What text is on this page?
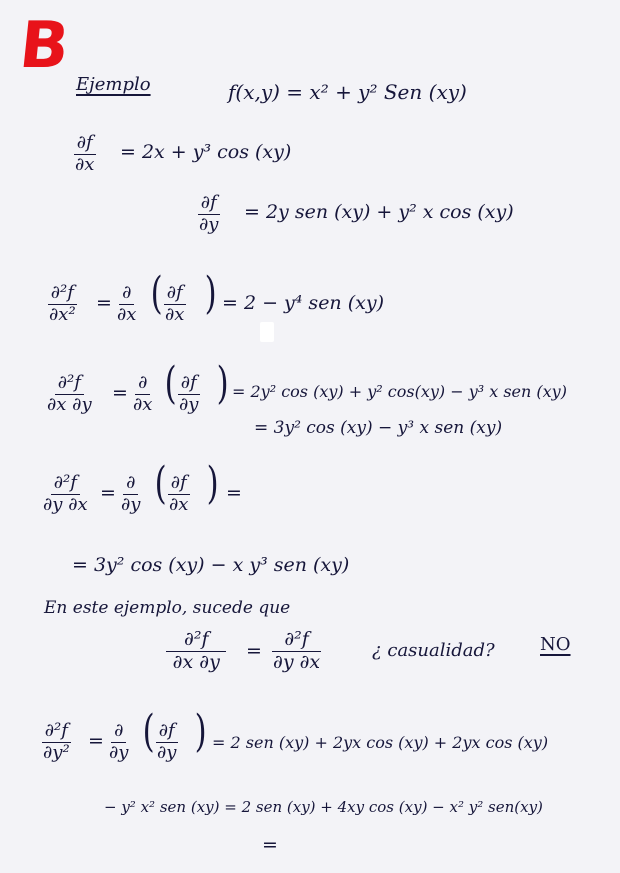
B
Ejemplo	f(x,y) = x² + y² Sen (xy)
$\frac{\partial f}{\partial x} = 2x + y^3$ cos (xy)
$\frac{\partial f}{\partial y} = 2y$ sen (xy) + y² x cos (xy)
$\frac{\text{∂²f}}{\text{∂x²}}$ = ∂
∂x ( $\frac{\partial f}{\partial x}$ ) = 2 − y⁴ sen (xy)
$\frac{\text{∂²f}}{\partial x \partial y}$ = ∂
∂x ( $\frac{\partial f}{\partial y}$ ) = 2y² cos (xy) + y² cos(xy) − y³ x sen (xy)
= 3y² cos (xy) − y³ x sen (xy)
$\frac{\text{∂²f}}{\partial y \partial x}$ = ∂
∂y ( $\frac{\partial f}{\partial x}$ ) =
= 3y² cos (xy) − x y³ sen (xy)
En este ejemplo, sucede que
$\frac{\text{∂²f}}{\partial x \partial y} = \frac{\text{∂²f}}{\partial y \partial x}$	¿ casualidad?	NO
$\frac{\text{∂²f}}{\text{∂y²}}$ = ∂
∂y ( $\frac{\partial f}{\partial y}$ ) = 2 sen (xy) + 2yx cos (xy) + 2yx cos (xy)
− y² x² sen (xy) = 2 sen (xy) + 4xy cos (xy) − x² y² sen(xy)
=
